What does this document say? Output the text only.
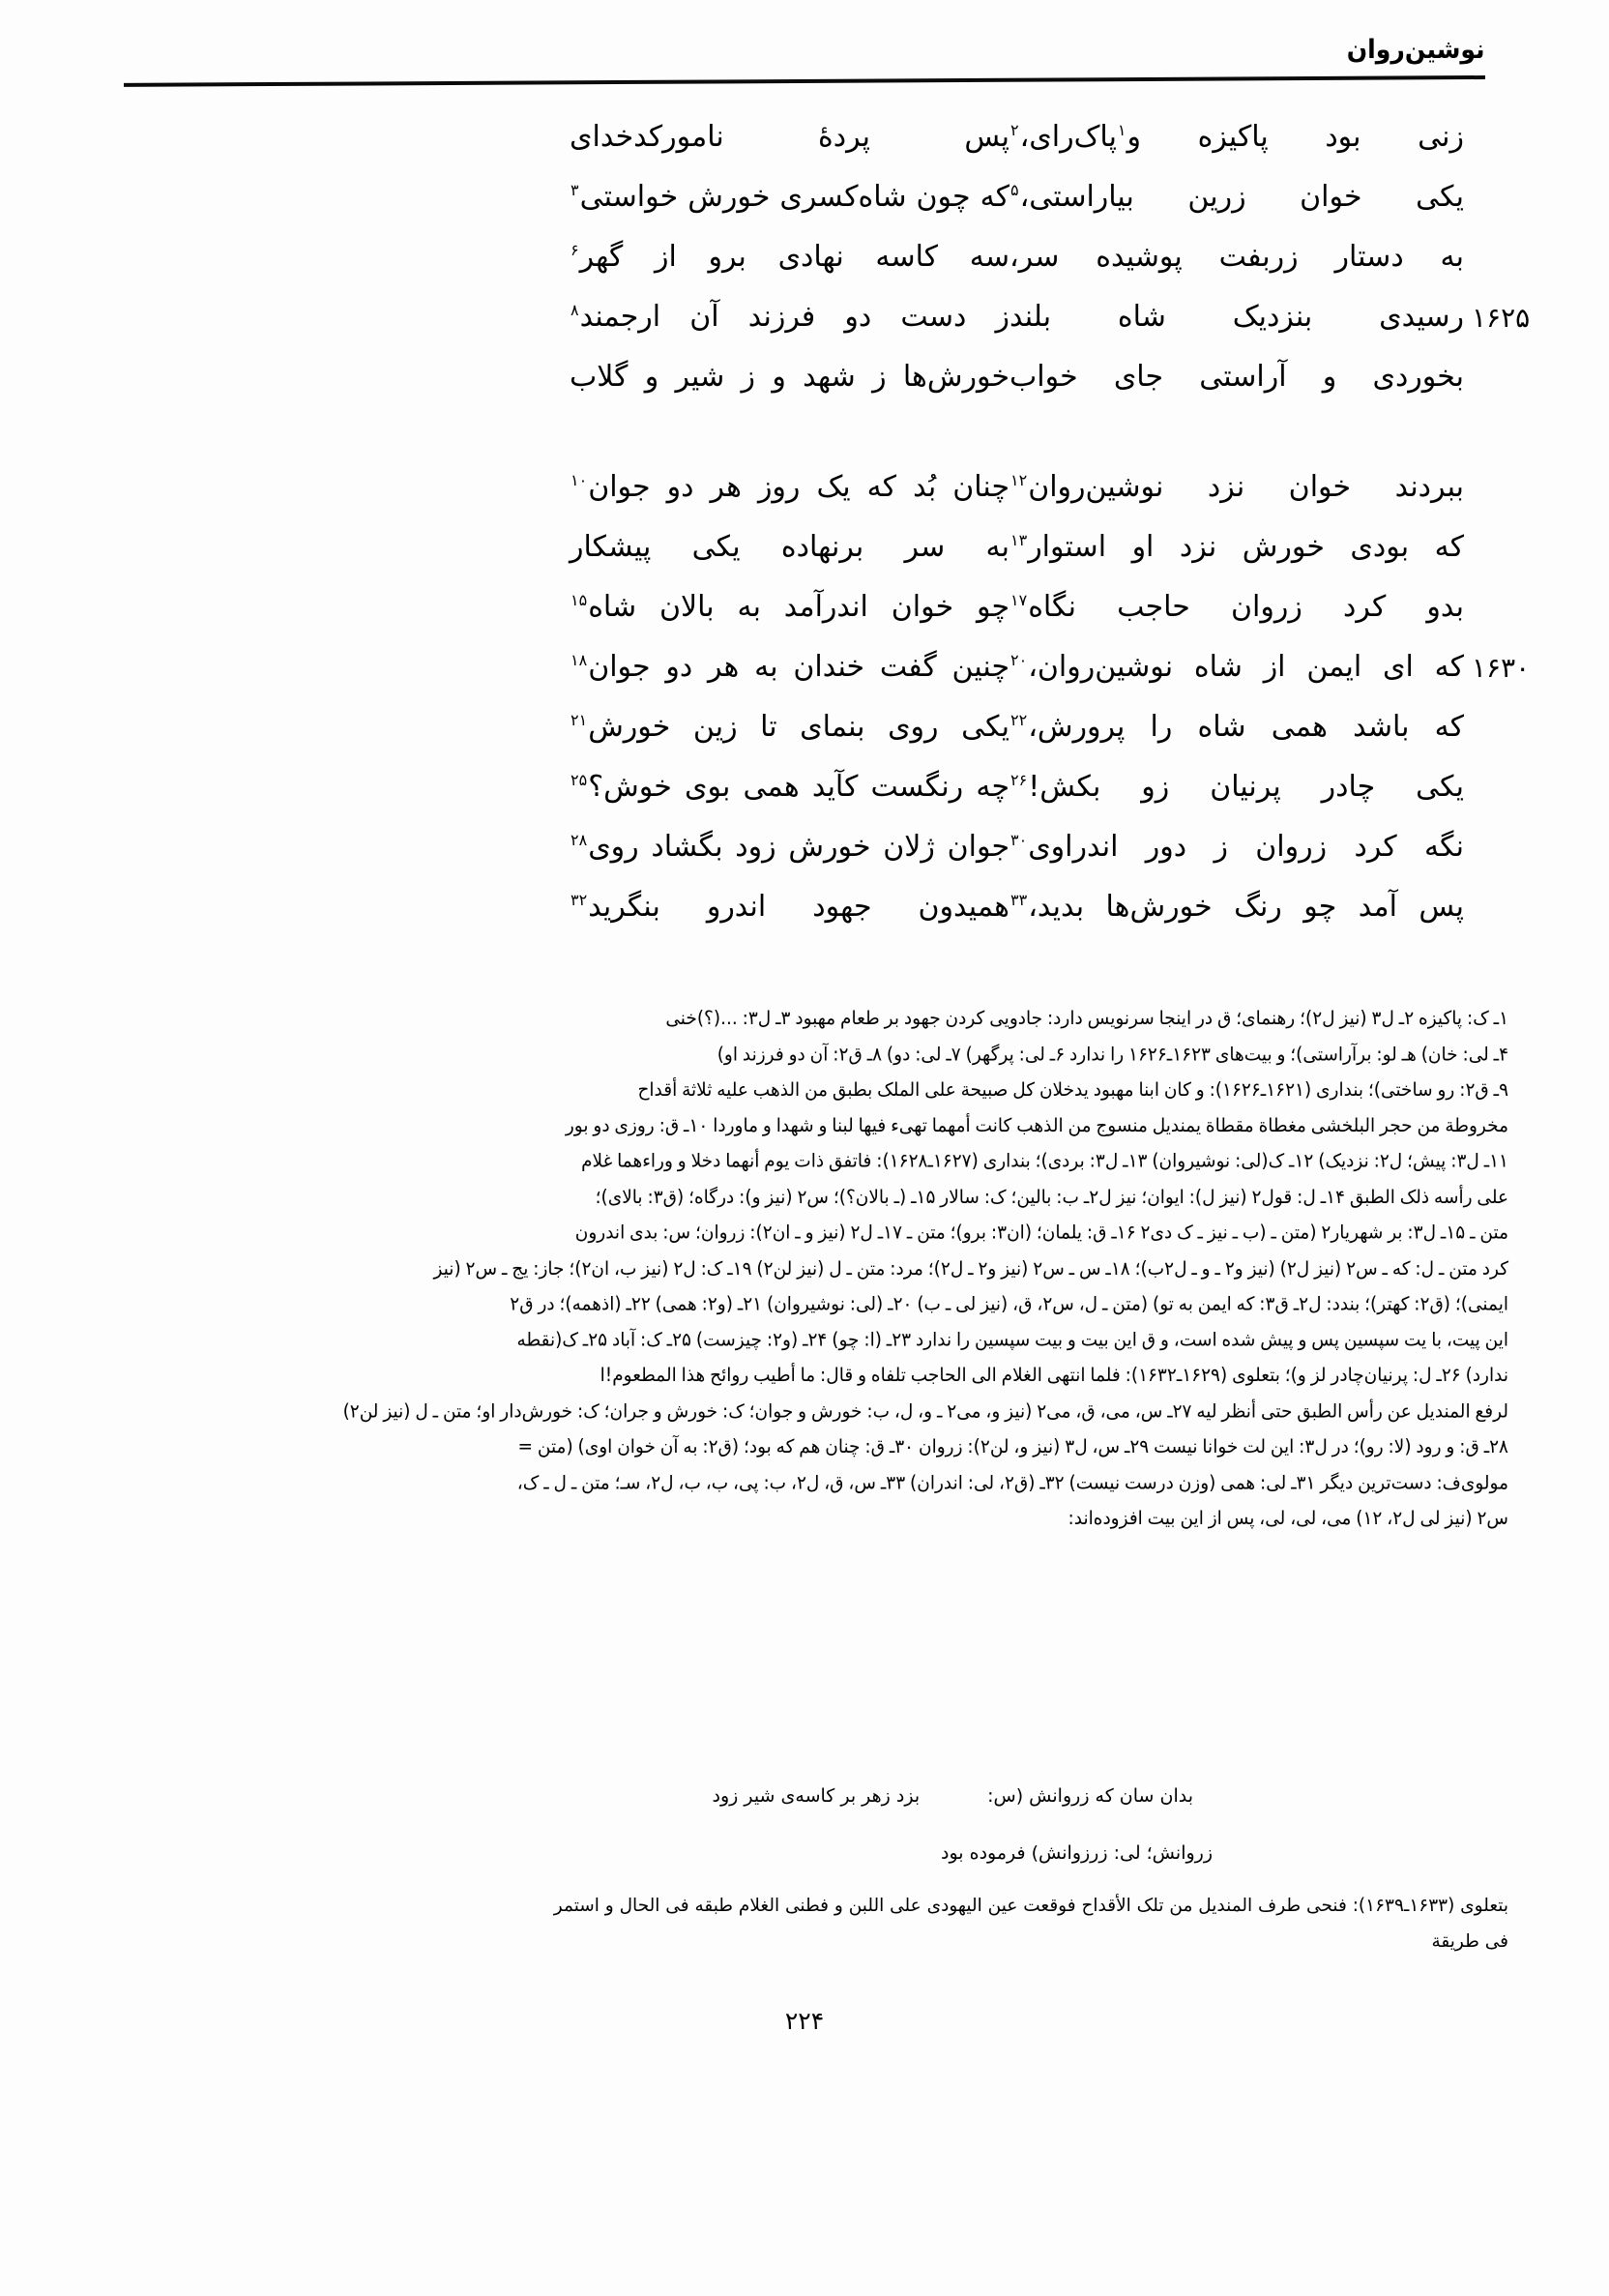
نوشین‌روان
زنی بود پاکیزه و$^۱$پاک‌رای،$^۲$
پس پردهٔ نامورکدخدای
یکی خوان زرین بیاراستی،$^۵$
که چون شاه‌کسری خورش خواستی$^۳$
به دستار زربفت پوشیده سر،
سه کاسه نهادی برو از گهر$^۶$
۱۶۲۵
رسیدی بنزدیک شاه بلند
ز دست دو فرزند آن ارجمند$^۸$
بخوردی و آراستی جای خواب
خورش‌ها ز شهد و ز شیر و گلاب
ببردند خوان نزد نوشین‌روان$^{۱۲}$
چنان بُد که یک روز هر دو جوان$^{۱۰}$
که بودی خورش نزد او استوار$^{۱۳}$
به سر برنهاده یکی پیشکار
بدو کرد زروان حاجب نگاه$^{۱۷}$
چو خوان اندرآمد به بالان شاه$^{۱۵}$
۱۶۳۰
که ای ایمن از شاه نوشین‌روان،$^{۲۰}$
چنین گفت خندان به هر دو جوان$^{۱۸}$
که باشد همی شاه را پرورش،$^{۲۲}$
یکی روی بنمای تا زین خورش$^{۲۱}$
یکی چادر پرنیان زو بکش!$^{۲۶}$
چه رنگست کآید همی بوی خوش؟$^{۲۵}$
نگه کرد زروان ز دور اندراوی$^{۳۰}$
جوان ژلان خورش زود بگشاد روی$^{۲۸}$
پس آمد چو رنگ خورش‌ها بدید،$^{۳۳}$
همیدون جهود اندرو بنگرید$^{۳۲}$
۱ـ ک: پاکیزه ۲ـ ل۳ (نیز ل۲)؛ رهنمای؛ ق در اینجا سرنویس دارد: جادویی کردن جهود بر طعام مهبود ۳ـ ل۳: ...(؟)خنی
۴ـ لی: خان) هـ لو: برآراستی)؛ و بیت‌های ۱۶۲۳ـ۱۶۲۶ را ندارد ۶ـ لی: پرگهر) ۷ـ لی: دو) ۸ـ ق۲: آن دو فرزند او)
۹ـ ق۲: رو ساختی)؛ بنداری (۱۶۲۱ـ۱۶۲۶): و کان ابنا مهبود یدخلان کل صبیحة علی الملک بطبق من الذهب علیه ثلاثة أقداح
مخروطة من حجر البلخشی مغطاة مقطاة یمندیل منسوج من الذهب کانت أمهما تهیء فیها لبنا و شهدا و ماوردا ۱۰ـ ق: روزی دو بور
۱۱ـ ل۳: پیش؛ ل۲: نزدیک) ۱۲ـ ک(لی: نوشیروان) ۱۳ـ ل۳: بردی)؛ بنداری (۱۶۲۷ـ۱۶۲۸): فاتفق ذات یوم أنهما دخلا و وراءهما غلام
علی رأسه ذلک الطبق ۱۴ـ ل: قول۲ (نیز ل): ایوان؛ نیز ل۲ـ ب: بالین؛ ک: سالار ۱۵ـ (ـ بالان؟)؛ س۲ (نیز و): درگاه؛ (ق۳: بالای)؛
متن ـ ۱۵ـ ل۳: بر شهریار۲ (متن ـ (ب ـ نیز ـ ک دی۲ ۱۶ـ ق: یلمان؛ (ان۳: برو)؛ متن ـ ۱۷ـ ل۲ (نیز و ـ ان۲): زروان؛ س: بدی اندرون
کرد متن ـ ل: که ـ س۲ (نیز ل۲) (نیز و۲ ـ و ـ ل۲ب)؛ ۱۸ـ س ـ س۲ (نیز و۲ ـ ل۲)؛ مرد: متن ـ ل (نیز لن۲) ۱۹ـ ک: ل۲ (نیز ب، ان۲)؛ جاز: یج ـ س۲ (نیز
ایمنی)؛ (ق۲: کهتر)؛ بندد: ل۲ـ ق۳: که ایمن به تو) (متن ـ ل، س۲، ق، (نیز لی ـ ب) ۲۰ـ (لی: نوشیروان) ۲۱ـ (و۲: همی) ۲۲ـ (اذهمه)؛ در ق۲
این پیت، با یت سپسین پس و پیش شده است، و ق این بیت و بیت سپسین را ندارد ۲۳ـ (ا: چو) ۲۴ـ (و۲: چیزست) ۲۵ـ ک: آباد ۲۵ـ ک(نقطه
ندارد) ۲۶ـ ل: پرنیان‌چادر لز و)؛ بتعلوی (۱۶۲۹ـ۱۶۳۲): فلما انتهی الغلام الی الحاجب تلفاه و قال: ما أطیب روائح هذا المطعوم!ا
لرفع المندیل عن رأس الطبق حتی أنظر لیه ۲۷ـ س، می، ق، می۲ (نیز و، می۲ ـ و، ل، ب: خورش و جوان؛ ک: خورش و جران؛ ک: خورش‌دار او؛ متن ـ ل (نیز لن۲)
۲۸ـ ق: و رود (لا: رو)؛ در ل۳: این لت خوانا نیست ۲۹ـ س، ل۳ (نیز و، لن۲): زروان ۳۰ـ ق: چنان هم که بود؛ (ق۲: به آن خوان اوی) (متن =
مولوی‌ف: دست‌ترین دیگر ۳۱ـ لی: همی (وزن درست نیست) ۳۲ـ (ق۲، لی: اندران) ۳۳ـ س، ق، ل۲، ب: پی، ب، ب، ل۲، سـ؛ متن ـ ل ـ ک،
س۲ (نیز لی ل۲، ۱۲) می، لی، لی، پس از این بیت افزوده‌اند:
بدان سان که زروانش (س:
بزد زهر بر کاسه‌ی شیر زود
زروانش؛ لی: زرزوانش) فرموده بود
بتعلوی (۱۶۳۳ـ۱۶۳۹): فنحی طرف المندیل من تلک الأقداح فوقعت عین الیهودی علی اللبن و فطنی الغلام طبقه فی الحال و استمر
فی طریقة
۲۲۴
